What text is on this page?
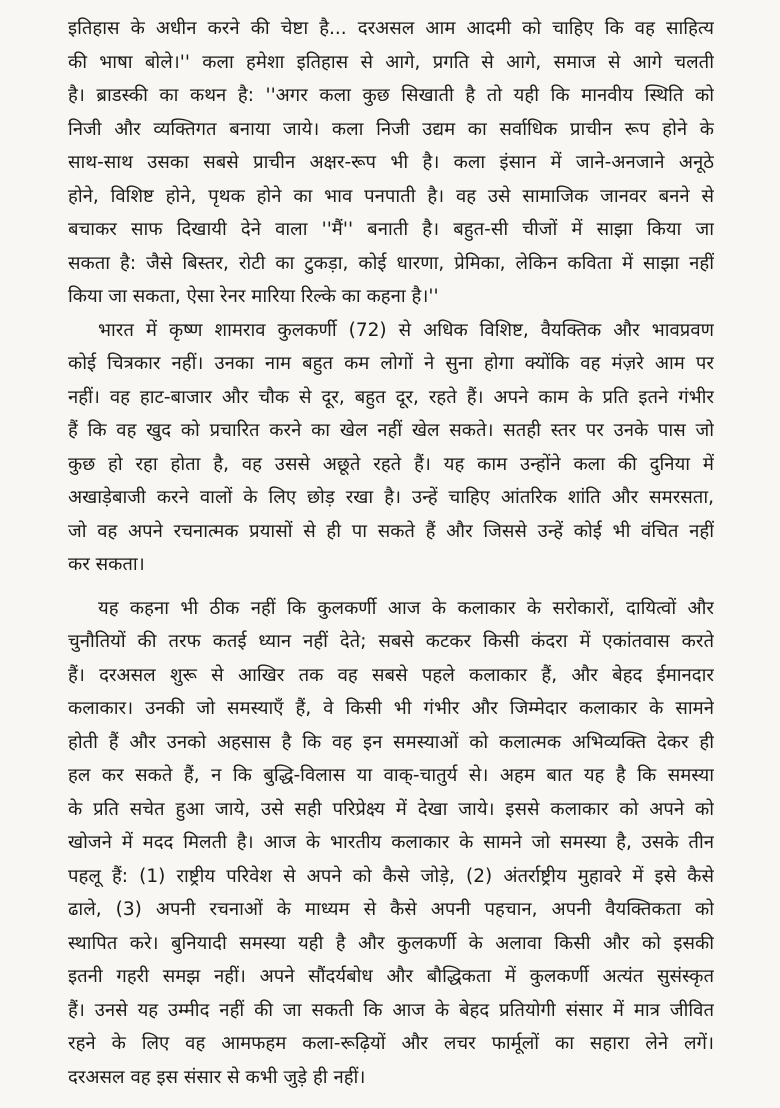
इतिहास के अधीन करने की चेष्टा है... दरअसल आम आदमी को चाहिए कि वह साहित्य
की भाषा बोले।'' कला हमेशा इतिहास से आगे, प्रगति से आगे, समाज से आगे चलती
है। ब्राडस्की का कथन है: ''अगर कला कुछ सिखाती है तो यही कि मानवीय स्थिति को
निजी और व्यक्तिगत बनाया जाये। कला निजी उद्यम का सर्वाधिक प्राचीन रूप होने के
साथ-साथ उसका सबसे प्राचीन अक्षर-रूप भी है। कला इंसान में जाने-अनजाने अनूठे
होने, विशिष्ट होने, पृथक होने का भाव पनपाती है। वह उसे सामाजिक जानवर बनने से
बचाकर साफ दिखायी देने वाला ''मैं'' बनाती है। बहुत-सी चीजों में साझा किया जा
सकता है: जैसे बिस्तर, रोटी का टुकड़ा, कोई धारणा, प्रेमिका, लेकिन कविता में साझा नहीं
किया जा सकता, ऐसा रेनर मारिया रिल्के का कहना है।''
भारत में कृष्ण शामराव कुलकर्णी (72) से अधिक विशिष्ट, वैयक्तिक और भावप्रवण
कोई चित्रकार नहीं। उनका नाम बहुत कम लोगों ने सुना होगा क्योंकि वह मंज़रे आम पर
नहीं। वह हाट-बाजार और चौक से दूर, बहुत दूर, रहते हैं। अपने काम के प्रति इतने गंभीर
हैं कि वह खुद को प्रचारित करने का खेल नहीं खेल सकते। सतही स्तर पर उनके पास जो
कुछ हो रहा होता है, वह उससे अछूते रहते हैं। यह काम उन्होंने कला की दुनिया में
अखाड़ेबाजी करने वालों के लिए छोड़ रखा है। उन्हें चाहिए आंतरिक शांति और समरसता,
जो वह अपने रचनात्मक प्रयासों से ही पा सकते हैं और जिससे उन्हें कोई भी वंचित नहीं
कर सकता।
यह कहना भी ठीक नहीं कि कुलकर्णी आज के कलाकार के सरोकारों, दायित्वों और
चुनौतियों की तरफ कतई ध्यान नहीं देते; सबसे कटकर किसी कंदरा में एकांतवास करते
हैं। दरअसल शुरू से आखिर तक वह सबसे पहले कलाकार हैं, और बेहद ईमानदार
कलाकार। उनकी जो समस्याएँ हैं, वे किसी भी गंभीर और जिम्मेदार कलाकार के सामने
होती हैं और उनको अहसास है कि वह इन समस्याओं को कलात्मक अभिव्यक्ति देकर ही
हल कर सकते हैं, न कि बुद्धि-विलास या वाक्-चातुर्य से। अहम बात यह है कि समस्या
के प्रति सचेत हुआ जाये, उसे सही परिप्रेक्ष्य में देखा जाये। इससे कलाकार को अपने को
खोजने में मदद मिलती है। आज के भारतीय कलाकार के सामने जो समस्या है, उसके तीन
पहलू हैं: (1) राष्ट्रीय परिवेश से अपने को कैसे जोड़े, (2) अंतर्राष्ट्रीय मुहावरे में इसे कैसे
ढाले, (3) अपनी रचनाओं के माध्यम से कैसे अपनी पहचान, अपनी वैयक्तिकता को
स्थापित करे। बुनियादी समस्या यही है और कुलकर्णी के अलावा किसी और को इसकी
इतनी गहरी समझ नहीं। अपने सौंदर्यबोध और बौद्धिकता में कुलकर्णी अत्यंत सुसंस्कृत
हैं। उनसे यह उम्मीद नहीं की जा सकती कि आज के बेहद प्रतियोगी संसार में मात्र जीवित
रहने के लिए वह आमफहम कला-रूढ़ियों और लचर फार्मूलों का सहारा लेने लगें।
दरअसल वह इस संसार से कभी जुड़े ही नहीं।
